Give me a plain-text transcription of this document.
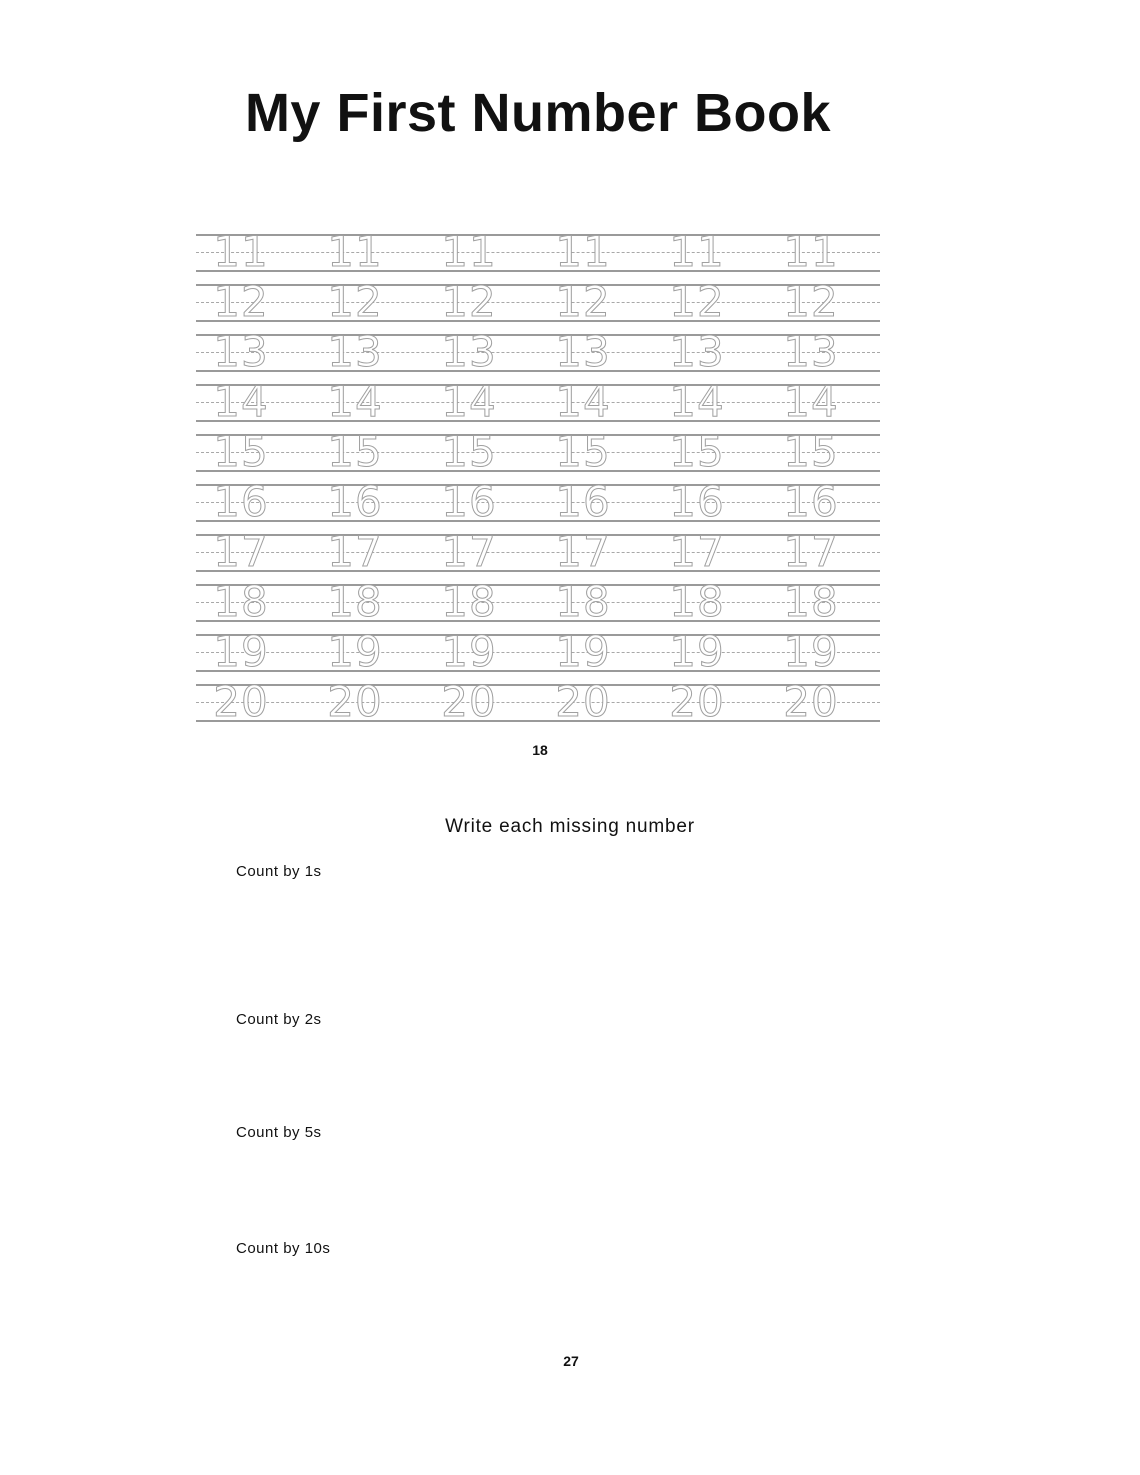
My First Number Book
11 11 11 11 11 11
12 12 12 12 12 12
13 13 13 13 13 13
14 14 14 14 14 14
15 15 15 15 15 15
16 16 16 16 16 16
17 17 17 17 17 17
18 18 18 18 18 18
19 19 19 19 19 19
20 20 20 20 20 20
18
Write each missing number
Count by 1s
Count by 2s
Count by 5s
Count by 10s
27
